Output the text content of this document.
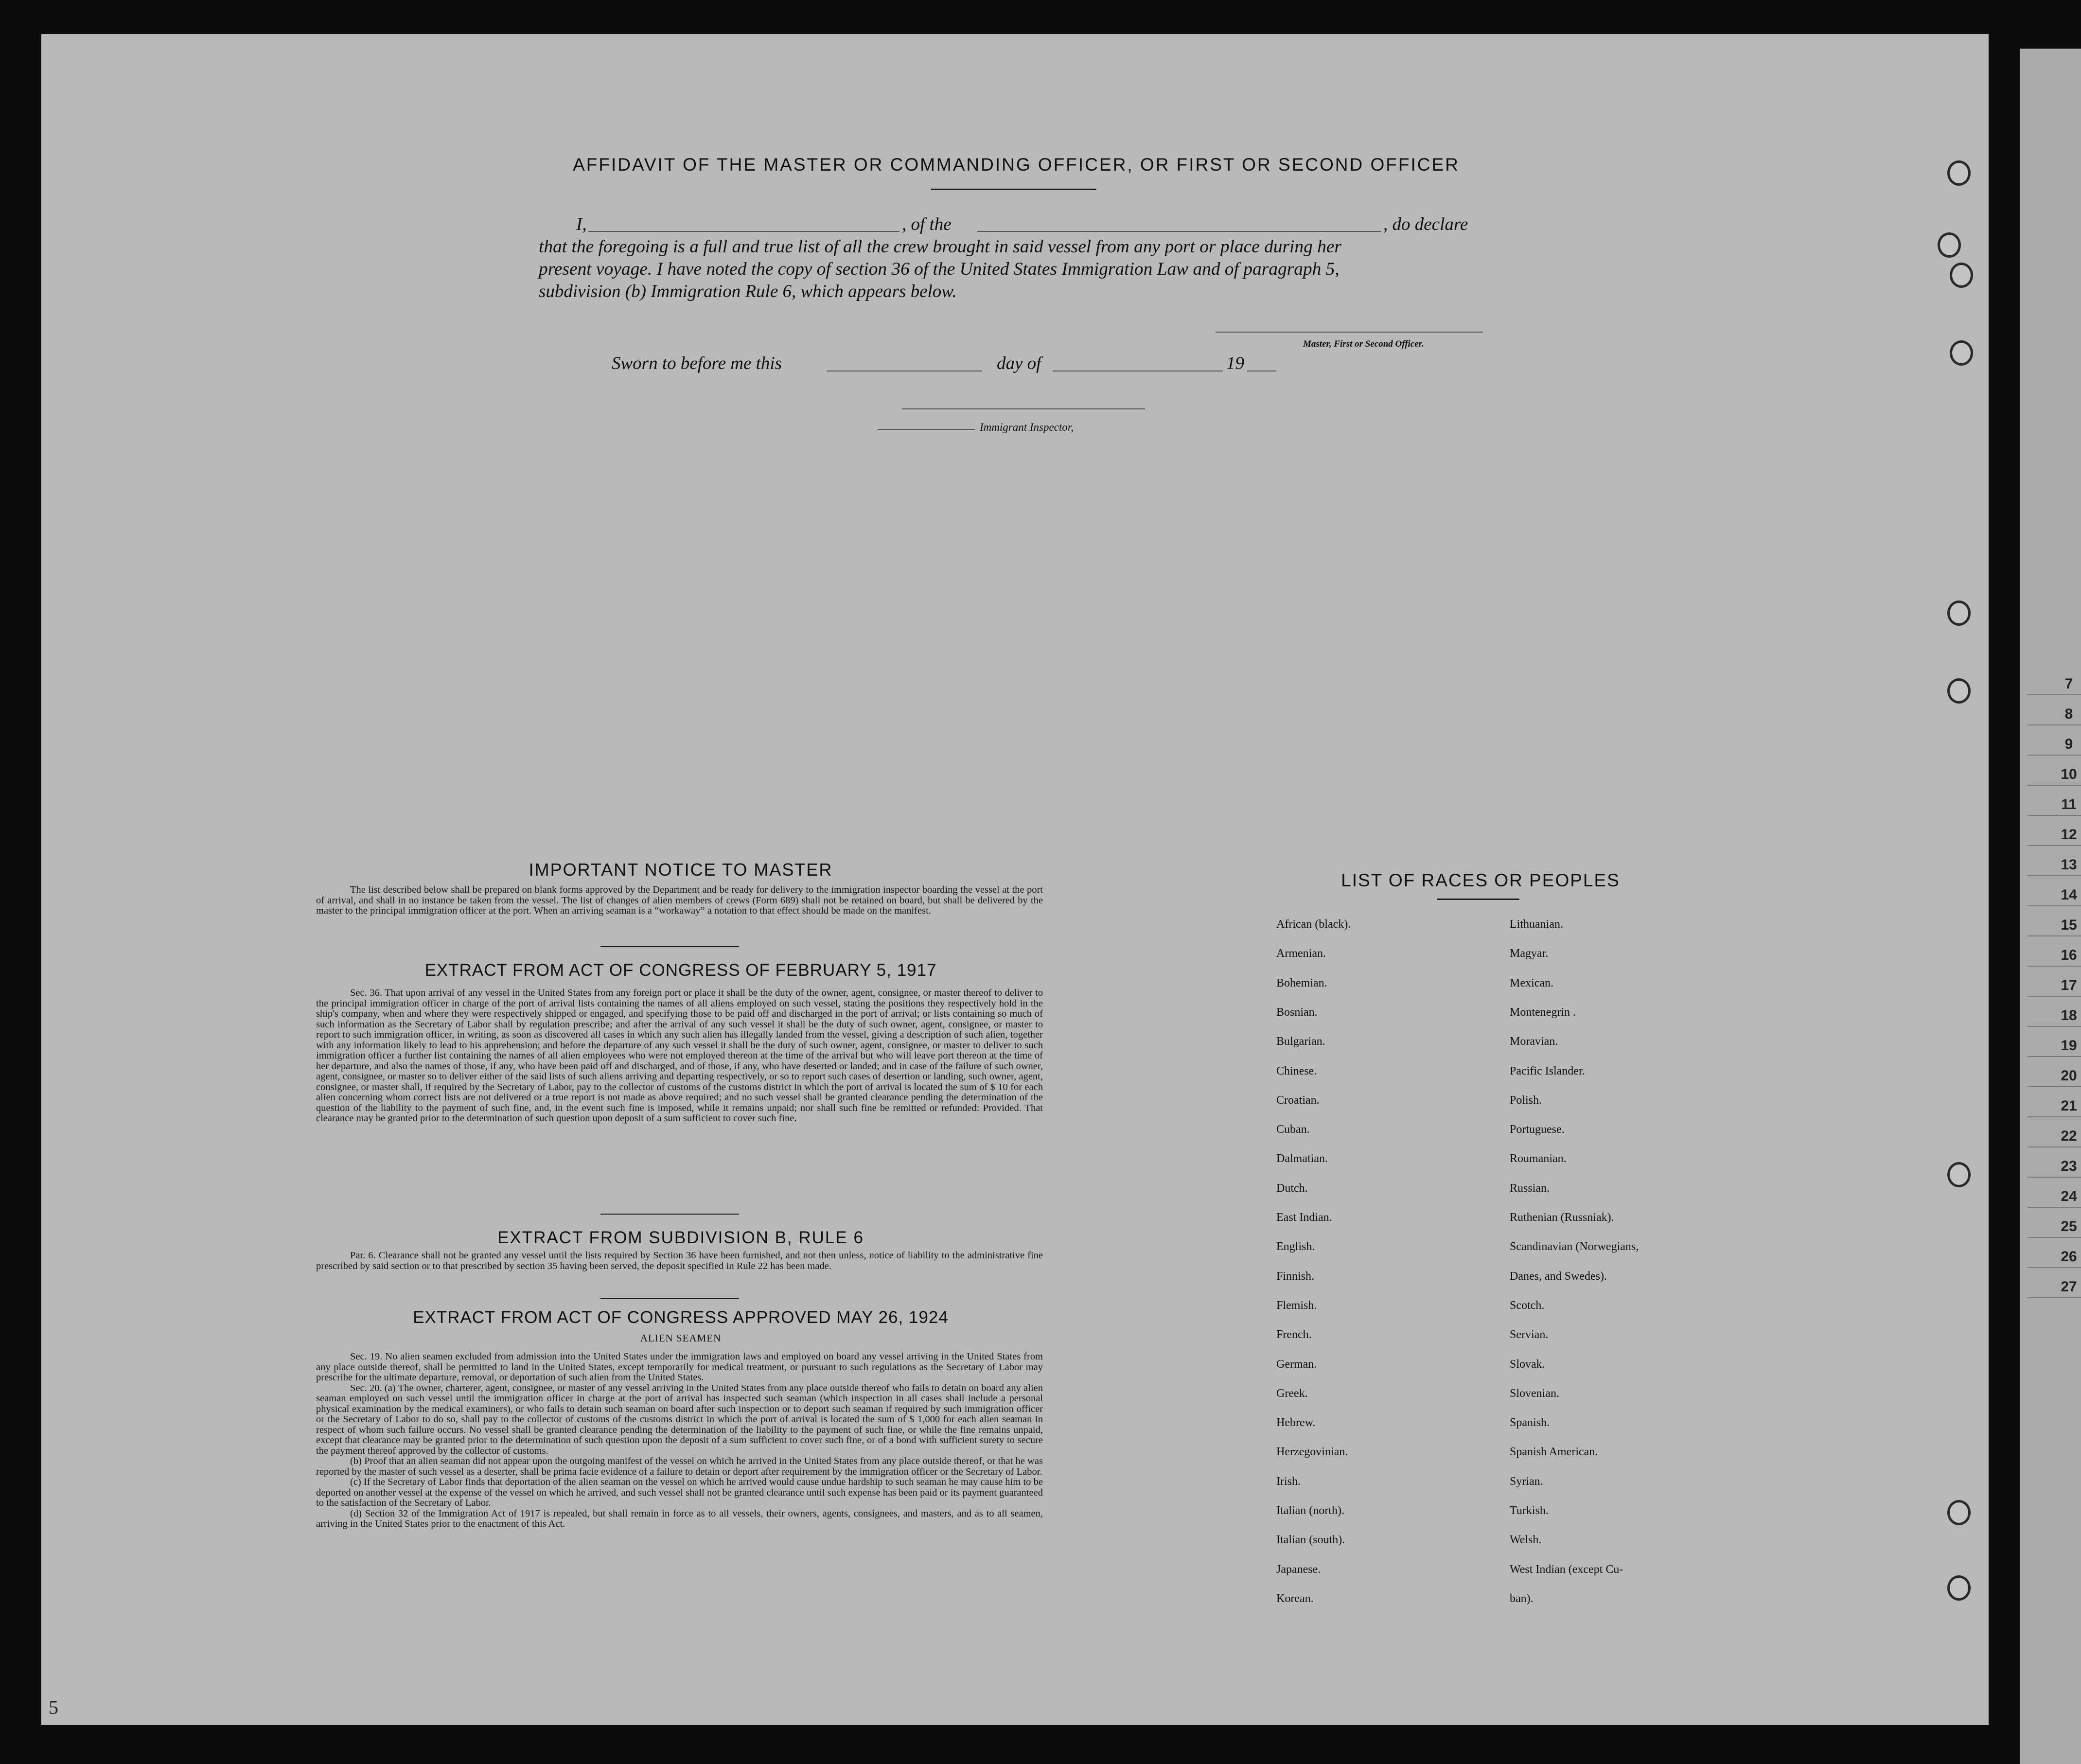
7
8
9
10
11
12
13
14
15
16
17
18
19
20
21
22
23
24
25
26
27
AFFIDAVIT OF THE MASTER OR COMMANDING OFFICER, OR FIRST OR SECOND OFFICER
I,	, of the	, do declare
that the foregoing is a full and true list of all the crew brought in said vessel from any port or place during her
present voyage. I have noted the copy of section 36 of the United States Immigration Law and of paragraph 5,
subdivision (b) Immigration Rule 6, which appears below.
Master, First or Second Officer.
Sworn to before me this	day of	19
Immigrant Inspector,
IMPORTANT NOTICE TO MASTER
The list described below shall be prepared on blank forms approved by the Department and be ready for delivery to the immigration inspector boarding the vessel at the port of arrival, and shall in no instance be taken from the vessel. The list of changes of alien members of crews (Form 689) shall not be retained on board, but shall be delivered by the master to the principal immigration officer at the port. When an arriving seaman is a “workaway” a notation to that effect should be made on the manifest.
EXTRACT FROM ACT OF CONGRESS OF FEBRUARY 5, 1917
Sec. 36. That upon arrival of any vessel in the United States from any foreign port or place it shall be the duty of the owner, agent, consignee, or master thereof to deliver to the principal immigration officer in charge of the port of arrival lists containing the names of all aliens employed on such vessel, stating the positions they respectively hold in the ship's company, when and where they were respectively shipped or engaged, and specifying those to be paid off and discharged in the port of arrival; or lists containing so much of such information as the Secretary of Labor shall by regulation prescribe; and after the arrival of any such vessel it shall be the duty of such owner, agent, consignee, or master to report to such immigration officer, in writing, as soon as discovered all cases in which any such alien has illegally landed from the vessel, giving a description of such alien, together with any information likely to lead to his apprehension; and before the departure of any such vessel it shall be the duty of such owner, agent, consignee, or master to deliver to such immigration officer a further list containing the names of all alien employees who were not employed thereon at the time of the arrival but who will leave port thereon at the time of her departure, and also the names of those, if any, who have been paid off and discharged, and of those, if any, who have deserted or landed; and in case of the failure of such owner, agent, consignee, or master so to deliver either of the said lists of such aliens arriving and departing respectively, or so to report such cases of desertion or landing, such owner, agent, consignee, or master shall, if required by the Secretary of Labor, pay to the collector of customs of the customs district in which the port of arrival is located the sum of $ 10 for each alien concerning whom correct lists are not delivered or a true report is not made as above required; and no such vessel shall be granted clearance pending the determination of the question of the liability to the payment of such fine, and, in the event such fine is imposed, while it remains unpaid; nor shall such fine be remitted or refunded: Provided. That clearance may be granted prior to the determination of such question upon deposit of a sum sufficient to cover such fine.
EXTRACT FROM SUBDIVISION B, RULE 6
Par. 6. Clearance shall not be granted any vessel until the lists required by Section 36 have been furnished, and not then unless, notice of liability to the administrative fine prescribed by said section or to that prescribed by section 35 having been served, the deposit specified in Rule 22 has been made.
EXTRACT FROM ACT OF CONGRESS APPROVED MAY 26, 1924
ALIEN SEAMEN
Sec. 19. No alien seamen excluded from admission into the United States under the immigration laws and employed on board any vessel arriving in the United States from any place outside thereof, shall be permitted to land in the United States, except temporarily for medical treatment, or pursuant to such regulations as the Secretary of Labor may prescribe for the ultimate departure, removal, or deportation of such alien from the United States.
Sec. 20. (a) The owner, charterer, agent, consignee, or master of any vessel arriving in the United States from any place outside thereof who fails to detain on board any alien seaman employed on such vessel until the immigration officer in charge at the port of arrival has inspected such seaman (which inspection in all cases shall include a personal physical examination by the medical examiners), or who fails to detain such seaman on board after such inspection or to deport such seaman if required by such immigration officer or the Secretary of Labor to do so, shall pay to the collector of customs of the customs district in which the port of arrival is located the sum of $ 1,000 for each alien seaman in respect of whom such failure occurs. No vessel shall be granted clearance pending the determination of the liability to the payment of such fine, or while the fine remains unpaid, except that clearance may be granted prior to the determination of such question upon the deposit of a sum sufficient to cover such fine, or of a bond with sufficient surety to secure the payment thereof approved by the collector of customs.
(b) Proof that an alien seaman did not appear upon the outgoing manifest of the vessel on which he arrived in the United States from any place outside thereof, or that he was reported by the master of such vessel as a deserter, shall be prima facie evidence of a failure to detain or deport after requirement by the immigration officer or the Secretary of Labor.
(c) If the Secretary of Labor finds that deportation of the alien seaman on the vessel on which he arrived would cause undue hardship to such seaman he may cause him to be deported on another vessel at the expense of the vessel on which he arrived, and such vessel shall not be granted clearance until such expense has been paid or its payment guaranteed to the satisfaction of the Secretary of Labor.
(d) Section 32 of the Immigration Act of 1917 is repealed, but shall remain in force as to all vessels, their owners, agents, consignees, and masters, and as to all seamen, arriving in the United States prior to the enactment of this Act.
LIST OF RACES OR PEOPLES
African (black).
Armenian.
Bohemian.
Bosnian.
Bulgarian.
Chinese.
Croatian.
Cuban.
Dalmatian.
Dutch.
East Indian.
English.
Finnish.
Flemish.
French.
German.
Greek.
Hebrew.
Herzegovinian.
Irish.
Italian (north).
Italian (south).
Japanese.
Korean.
Lithuanian.
Magyar.
Mexican.
Montenegrin .
Moravian.
Pacific Islander.
Polish.
Portuguese.
Roumanian.
Russian.
Ruthenian (Russniak).
Scandinavian (Norwegians,
Danes, and Swedes).
Scotch.
Servian.
Slovak.
Slovenian.
Spanish.
Spanish American.
Syrian.
Turkish.
Welsh.
West Indian (except Cu-
ban).
5
